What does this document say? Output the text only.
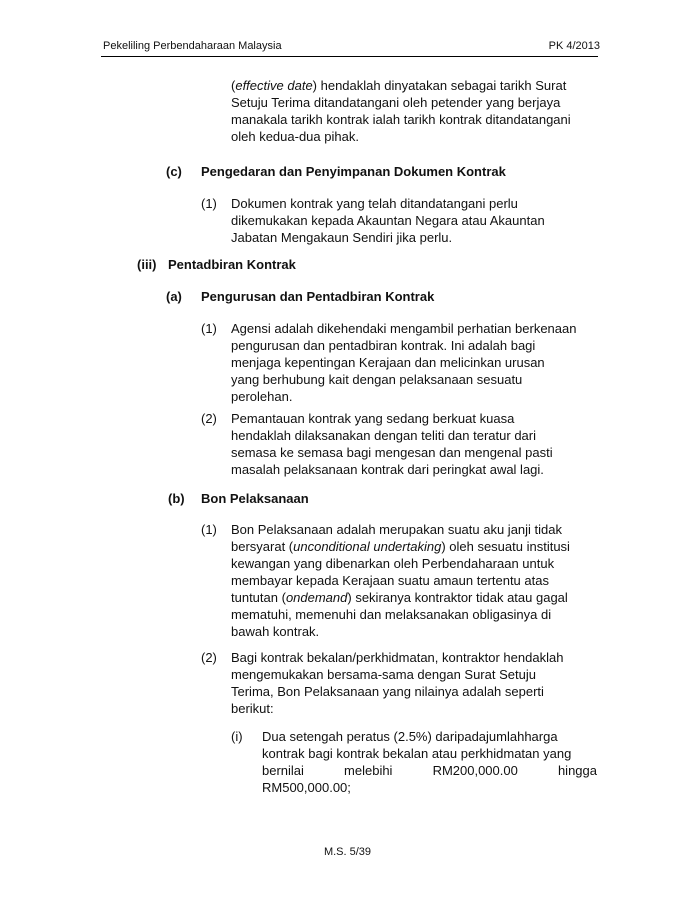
Pekeliling Perbendaharaan Malaysia	PK 4/2013
(effective date) hendaklah dinyatakan sebagai tarikh Surat
Setuju Terima ditandatangani oleh petender yang berjaya
manakala tarikh kontrak ialah tarikh kontrak ditandatangani
oleh kedua-dua pihak.
(c) Pengedaran dan Penyimpanan Dokumen Kontrak
(1) Dokumen kontrak yang telah ditandatangani perlu
dikemukakan kepada Akauntan Negara atau Akauntan
Jabatan Mengakaun Sendiri jika perlu.
(iii) Pentadbiran Kontrak
(a) Pengurusan dan Pentadbiran Kontrak
(1) Agensi adalah dikehendaki mengambil perhatian berkenaan
pengurusan dan pentadbiran kontrak. Ini adalah bagi
menjaga kepentingan Kerajaan dan melicinkan urusan
yang berhubung kait dengan pelaksanaan sesuatu
perolehan.
(2) Pemantauan kontrak yang sedang berkuat kuasa
hendaklah dilaksanakan dengan teliti dan teratur dari
semasa ke semasa bagi mengesan dan mengenal pasti
masalah pelaksanaan kontrak dari peringkat awal lagi.
(b) Bon Pelaksanaan
(1) Bon Pelaksanaan adalah merupakan suatu aku janji tidak
bersyarat (unconditional undertaking) oleh sesuatu institusi
kewangan yang dibenarkan oleh Perbendaharaan untuk
membayar kepada Kerajaan suatu amaun tertentu atas
tuntutan (ondemand) sekiranya kontraktor tidak atau gagal
mematuhi, memenuhi dan melaksanakan obligasinya di
bawah kontrak.
(2) Bagi kontrak bekalan/perkhidmatan, kontraktor hendaklah
mengemukakan bersama-sama dengan Surat Setuju
Terima, Bon Pelaksanaan yang nilainya adalah seperti
berikut:
(i) Dua setengah peratus (2.5%) daripadajumlahharga
kontrak bagi kontrak bekalan atau perkhidmatan yang
bernilai	melebihi	RM200,000.00	hingga
RM500,000.00;
M.S. 5/39
